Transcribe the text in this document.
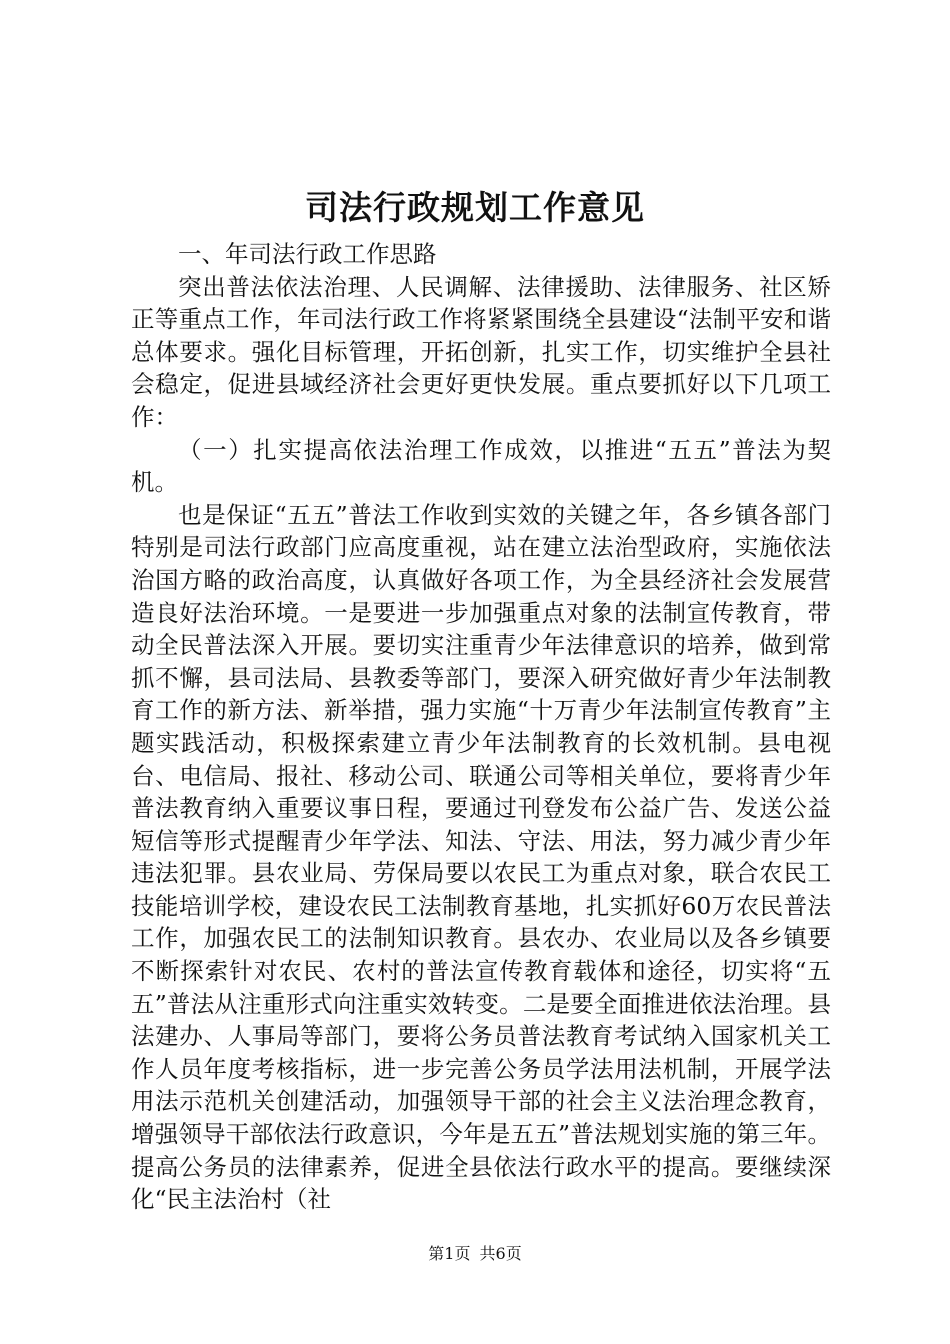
司法行政规划工作意见

一、年司法行政工作思路

突出普法依法治理、人民调解、法律援助、法律服务、社区矫正等重点工作，年司法行政工作将紧紧围绕全县建设“法制平安和谐总体要求。强化目标管理，开拓创新，扎实工作，切实维护全县社会稳定，促进县域经济社会更好更快发展。重点要抓好以下几项工作：

（一）扎实提高依法治理工作成效，以推进“五五”普法为契机。

也是保证“五五”普法工作收到实效的关键之年，各乡镇各部门特别是司法行政部门应高度重视，站在建立法治型政府，实施依法治国方略的政治高度，认真做好各项工作，为全县经济社会发展营造良好法治环境。一是要进一步加强重点对象的法制宣传教育，带动全民普法深入开展。要切实注重青少年法律意识的培养，做到常抓不懈，县司法局、县教委等部门，要深入研究做好青少年法制教育工作的新方法、新举措，强力实施“十万青少年法制宣传教育”主题实践活动，积极探索建立青少年法制教育的长效机制。县电视台、电信局、报社、移动公司、联通公司等相关单位，要将青少年普法教育纳入重要议事日程，要通过刊登发布公益广告、发送公益短信等形式提醒青少年学法、知法、守法、用法，努力减少青少年违法犯罪。县农业局、劳保局要以农民工为重点对象，联合农民工技能培训学校，建设农民工法制教育基地，扎实抓好60万农民普法工作，加强农民工的法制知识教育。县农办、农业局以及各乡镇要不断探索针对农民、农村的普法宣传教育载体和途径，切实将“五五”普法从注重形式向注重实效转变。二是要全面推进依法治理。县法建办、人事局等部门，要将公务员普法教育考试纳入国家机关工作人员年度考核指标，进一步完善公务员学法用法机制，开展学法用法示范机关创建活动，加强领导干部的社会主义法治理念教育，增强领导干部依法行政意识，今年是五五”普法规划实施的第三年。提高公务员的法律素养，促进全县依法行政水平的提高。要继续深化“民主法治村（社

第1页 共6页
